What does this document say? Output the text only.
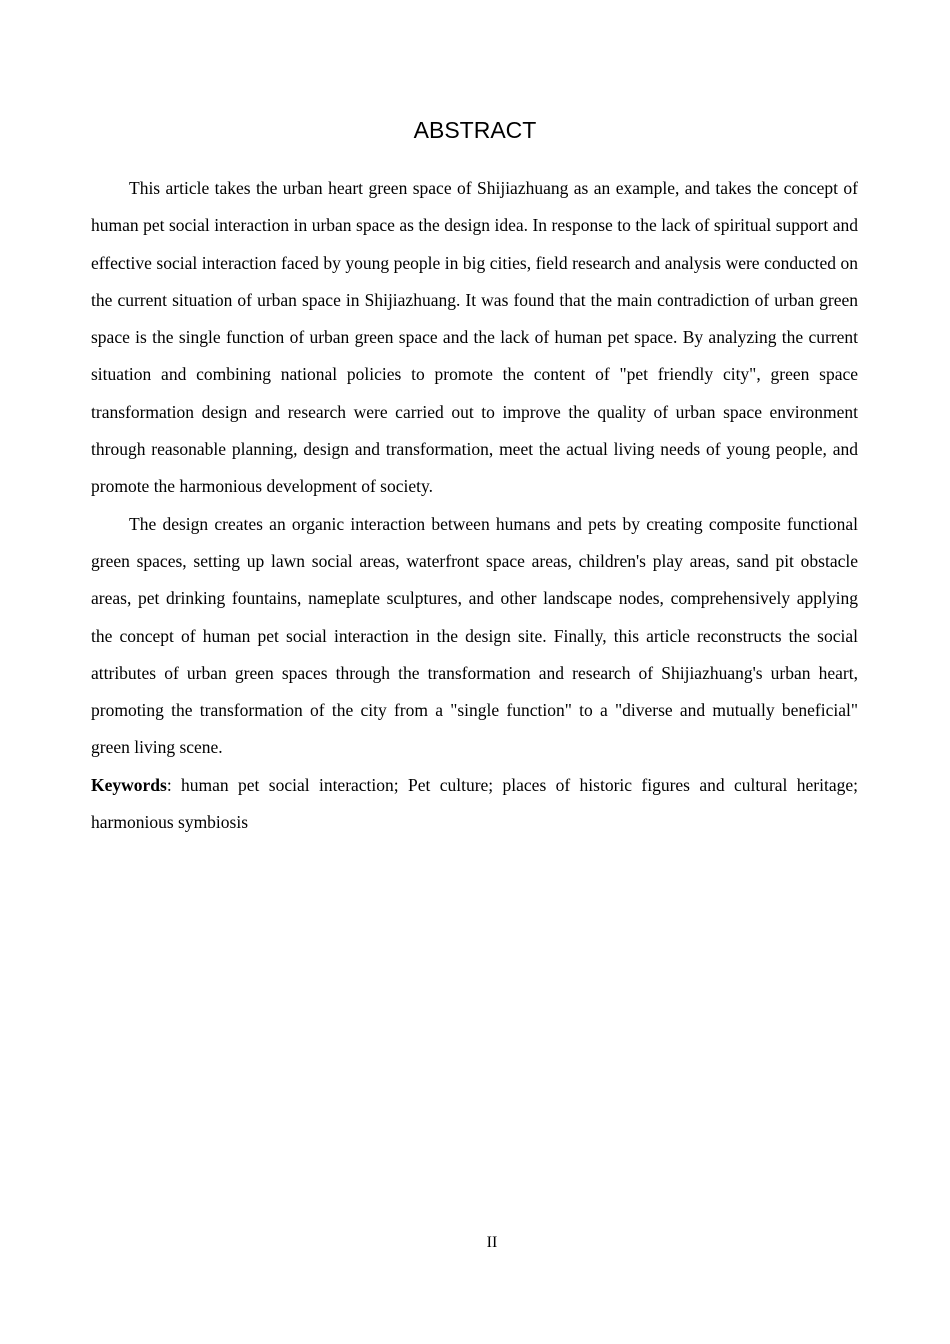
ABSTRACT

This article takes the urban heart green space of Shijiazhuang as an example, and takes the concept of human pet social interaction in urban space as the design idea. In response to the lack of spiritual support and effective social interaction faced by young people in big cities, field research and analysis were conducted on the current situation of urban space in Shijiazhuang. It was found that the main contradiction of urban green space is the single function of urban green space and the lack of human pet space. By analyzing the current situation and combining national policies to promote the content of "pet friendly city", green space transformation design and research were carried out to improve the quality of urban space environment through reasonable planning, design and transformation, meet the actual living needs of young people, and promote the harmonious development of society.

The design creates an organic interaction between humans and pets by creating composite functional green spaces, setting up lawn social areas, waterfront space areas, children's play areas, sand pit obstacle areas, pet drinking fountains, nameplate sculptures, and other landscape nodes, comprehensively applying the concept of human pet social interaction in the design site. Finally, this article reconstructs the social attributes of urban green spaces through the transformation and research of Shijiazhuang's urban heart, promoting the transformation of the city from a "single function" to a "diverse and mutually beneficial" green living scene.

Keywords: human pet social interaction; Pet culture; places of historic figures and cultural heritage; harmonious symbiosis

II
